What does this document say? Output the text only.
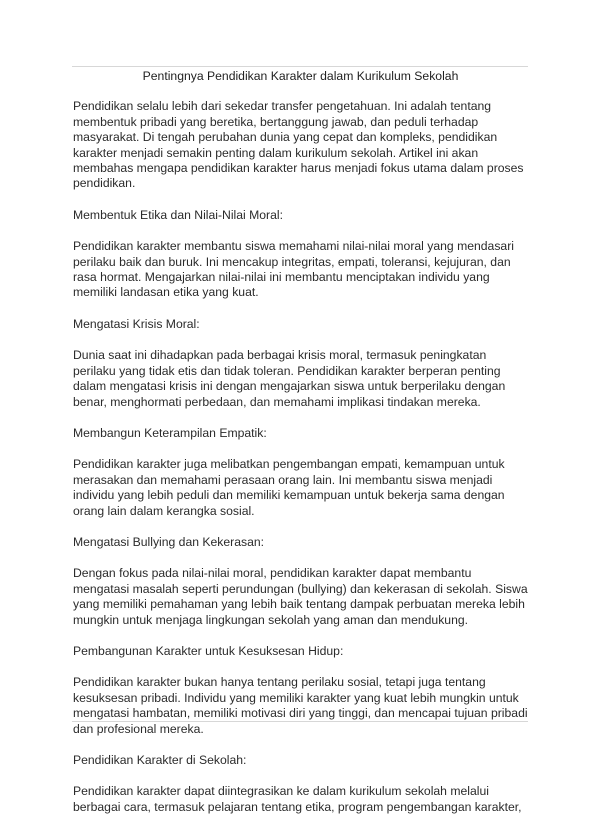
Pentingnya Pendidikan Karakter dalam Kurikulum Sekolah

Pendidikan selalu lebih dari sekedar transfer pengetahuan. Ini adalah tentang membentuk pribadi yang beretika, bertanggung jawab, dan peduli terhadap masyarakat. Di tengah perubahan dunia yang cepat dan kompleks, pendidikan karakter menjadi semakin penting dalam kurikulum sekolah. Artikel ini akan membahas mengapa pendidikan karakter harus menjadi fokus utama dalam proses pendidikan.

Membentuk Etika dan Nilai-Nilai Moral:

Pendidikan karakter membantu siswa memahami nilai-nilai moral yang mendasari perilaku baik dan buruk. Ini mencakup integritas, empati, toleransi, kejujuran, dan rasa hormat. Mengajarkan nilai-nilai ini membantu menciptakan individu yang memiliki landasan etika yang kuat.

Mengatasi Krisis Moral:

Dunia saat ini dihadapkan pada berbagai krisis moral, termasuk peningkatan perilaku yang tidak etis dan tidak toleran. Pendidikan karakter berperan penting dalam mengatasi krisis ini dengan mengajarkan siswa untuk berperilaku dengan benar, menghormati perbedaan, dan memahami implikasi tindakan mereka.

Membangun Keterampilan Empatik:

Pendidikan karakter juga melibatkan pengembangan empati, kemampuan untuk merasakan dan memahami perasaan orang lain. Ini membantu siswa menjadi individu yang lebih peduli dan memiliki kemampuan untuk bekerja sama dengan orang lain dalam kerangka sosial.

Mengatasi Bullying dan Kekerasan:

Dengan fokus pada nilai-nilai moral, pendidikan karakter dapat membantu mengatasi masalah seperti perundungan (bullying) dan kekerasan di sekolah. Siswa yang memiliki pemahaman yang lebih baik tentang dampak perbuatan mereka lebih mungkin untuk menjaga lingkungan sekolah yang aman dan mendukung.

Pembangunan Karakter untuk Kesuksesan Hidup:

Pendidikan karakter bukan hanya tentang perilaku sosial, tetapi juga tentang kesuksesan pribadi. Individu yang memiliki karakter yang kuat lebih mungkin untuk mengatasi hambatan, memiliki motivasi diri yang tinggi, dan mencapai tujuan pribadi dan profesional mereka.

Pendidikan Karakter di Sekolah:

Pendidikan karakter dapat diintegrasikan ke dalam kurikulum sekolah melalui berbagai cara, termasuk pelajaran tentang etika, program pengembangan karakter,
